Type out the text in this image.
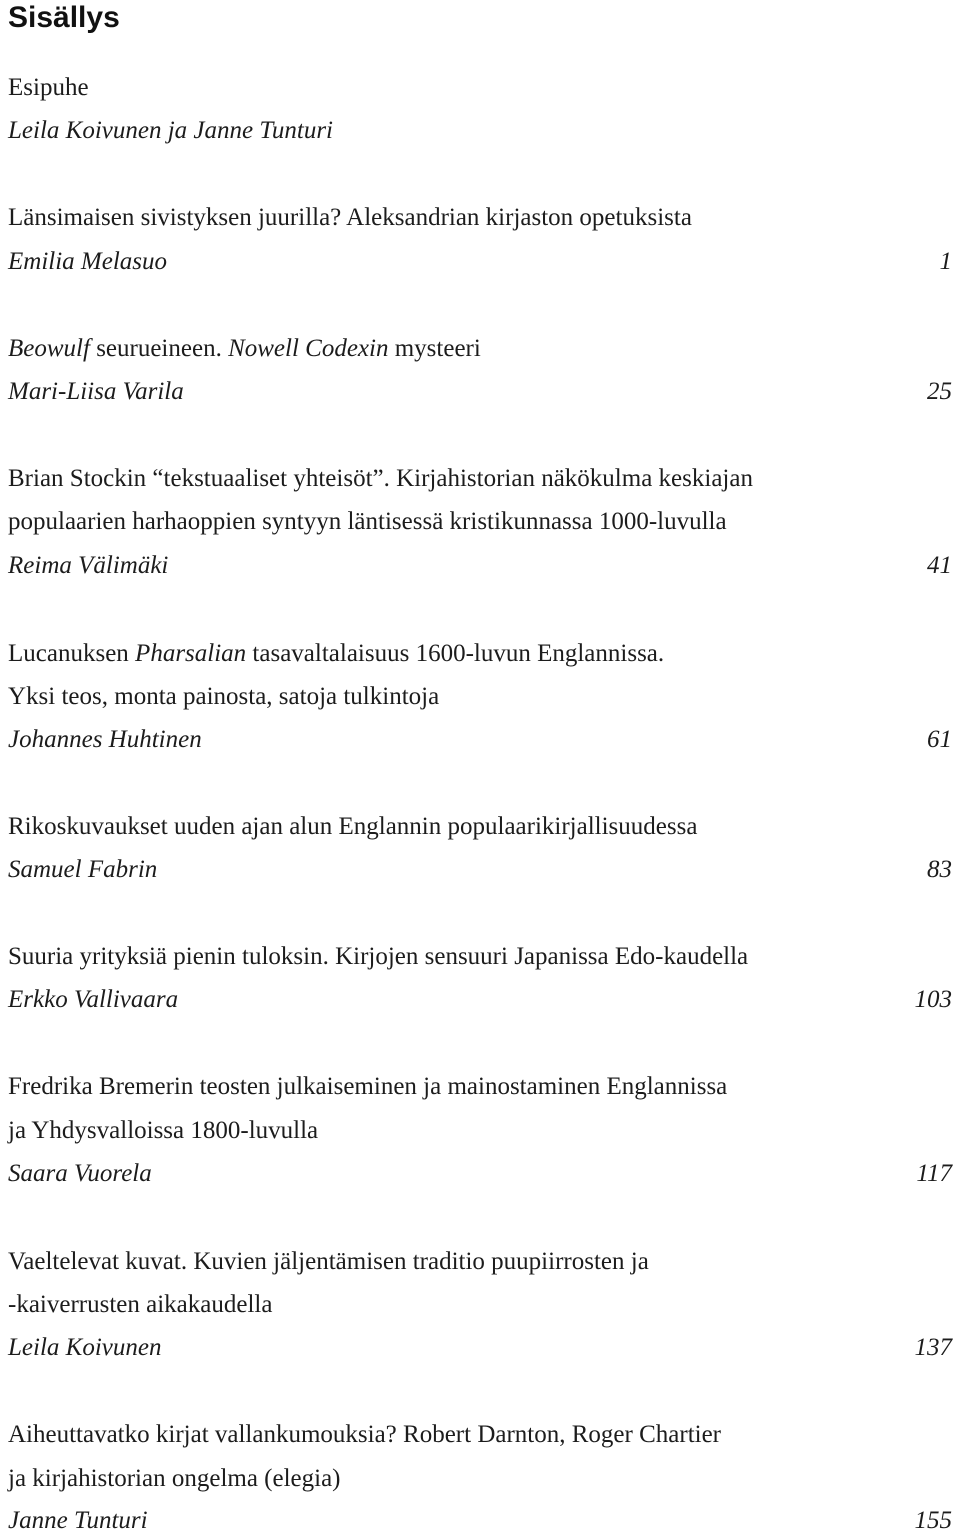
Sisällys
Esipuhe
Leila Koivunen ja Janne Tunturi
Länsimaisen sivistyksen juurilla? Aleksandrian kirjaston opetuksista
Emilia Melasuo	1
Beowulf seurueineen. Nowell Codexin mysteeri
Mari-Liisa Varila	25
Brian Stockin “tekstuaaliset yhteisöt”. Kirjahistorian näkökulma keskiajan
populaarien harhaoppien syntyyn läntisessä kristikunnassa 1000-luvulla
Reima Välimäki	41
Lucanuksen Pharsalian tasavaltalaisuus 1600-luvun Englannissa.
Yksi teos, monta painosta, satoja tulkintoja
Johannes Huhtinen	61
Rikoskuvaukset uuden ajan alun Englannin populaarikirjallisuudessa
Samuel Fabrin	83
Suuria yrityksiä pienin tuloksin. Kirjojen sensuuri Japanissa Edo-kaudella
Erkko Vallivaara	103
Fredrika Bremerin teosten julkaiseminen ja mainostaminen Englannissa
ja Yhdysvalloissa 1800-luvulla
Saara Vuorela	117
Vaeltelevat kuvat. Kuvien jäljentämisen traditio puupiirrosten ja
-kaiverrusten aikakaudella
Leila Koivunen	137
Aiheuttavatko kirjat vallankumouksia? Robert Darnton, Roger Chartier
ja kirjahistorian ongelma (elegia)
Janne Tunturi	155
